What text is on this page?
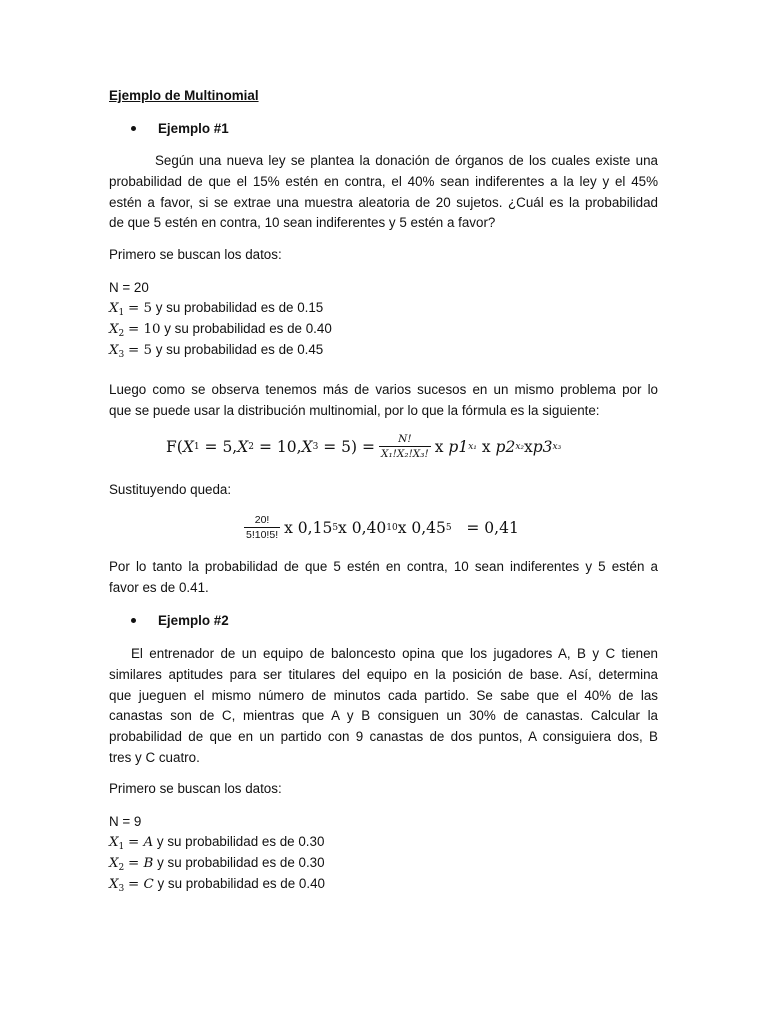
Ejemplo de Multinomial
Ejemplo #1
Según una nueva ley se plantea la donación de órganos de los cuales existe una
probabilidad de que el 15% estén en contra, el 40% sean indiferentes a la ley y el 45%
estén a favor, si se extrae una muestra aleatoria de 20 sujetos. ¿Cuál es la probabilidad
de que 5 estén en contra, 10 sean indiferentes y 5 estén a favor?
Primero se buscan los datos:
N = 20
$X_1 = 5$ y su probabilidad es de 0.15
$X_2 = 10$ y su probabilidad es de 0.40
$X_3 = 5$ y su probabilidad es de 0.45
Luego como se observa tenemos más de varios sucesos en un mismo problema por lo
que se puede usar la distribución multinomial, por lo que la fórmula es la siguiente:
F( X 1
= 5, X 2
= 10, X 3
= $5) = \frac{N!}{\text{X₁!X₂!X₃!}}$ x
p1 x₁
x
p2 x₂ x p3 x₃
Sustituyendo queda:
$\frac{20!}{5!10!5!}$ x 0,15 5 x 0,40 10 x 0,45 5
= 0,41
Por lo tanto la probabilidad de que 5 estén en contra, 10 sean indiferentes y 5 estén a
favor es de 0.41.
Ejemplo #2
El entrenador de un equipo de baloncesto opina que los jugadores A, B y C tienen
similares aptitudes para ser titulares del equipo en la posición de base. Así, determina
que jueguen el mismo número de minutos cada partido. Se sabe que el 40% de las
canastas son de C, mientras que A y B consiguen un 30% de canastas. Calcular la
probabilidad de que en un partido con 9 canastas de dos puntos, A consiguiera dos, B
tres y C cuatro.
Primero se buscan los datos:
N = 9
$X_1 = A$ y su probabilidad es de 0.30
$X_2 = B$ y su probabilidad es de 0.30
$X_3 = C$ y su probabilidad es de 0.40
